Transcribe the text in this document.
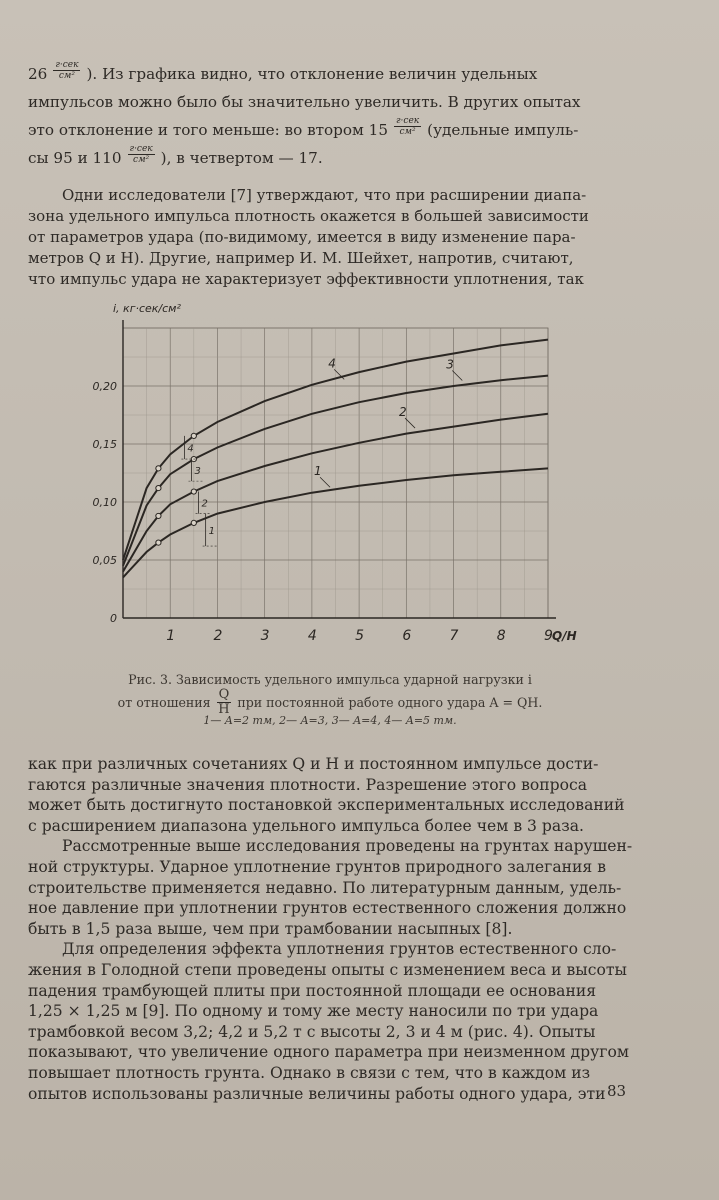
$26 \frac{\text{г·сек}}{\text{см²}}$ ). Из графика видно, что отклонение величин удельных
импульсов можно было бы значительно увеличить. В других опытах
это отклонение и того меньше: во втором $15 \frac{\text{г·сек}}{\text{см²}}$ (удельные импуль-
сы 95 и $110 \frac{\text{г·сек}}{\text{см²}}$ ), в четвертом — 17.
Одни исследователи [7] утверждают, что при расширении диапа-
зона удельного импульса плотность окажется в большей зависимости
от параметров удара (по-видимому, имеется в виду изменение пара-
метров Q и H). Другие, например И. М. Шейхет, напротив, считают,
что импульс удара не характеризует эффективности уплотнения, так
1	2	3	4	5	6	7	8	9
0
0,05
0,10
0,15
0,20
i, кг·сек/см²
Q/H
1
2
3
4
1
2
3
4
Рис. 3. Зависимость удельного импульса ударной нагрузки i
от отношения $\frac{Q}{H}$ при постоянной работе одного удара A = QH.
1— A=2 тм, 2— A=3, 3— A=4, 4— A=5 тм.
как при различных сочетаниях Q и H и постоянном импульсе дости-
гаются различные значения плотности. Разрешение этого вопроса
может быть достигнуто постановкой экспериментальных исследований
с расширением диапазона удельного импульса более чем в 3 раза.
Рассмотренные выше исследования проведены на грунтах нарушен-
ной структуры. Ударное уплотнение грунтов природного залегания в
строительстве применяется недавно. По литературным данным, удель-
ное давление при уплотнении грунтов естественного сложения должно
быть в 1,5 раза выше, чем при трамбовании насыпных [8].
Для определения эффекта уплотнения грунтов естественного сло-
жения в Голодной степи проведены опыты с изменением веса и высоты
падения трамбующей плиты при постоянной площади ее основания
1,25 × 1,25 м [9]. По одному и тому же месту наносили по три удара
трамбовкой весом 3,2; 4,2 и 5,2 т с высоты 2, 3 и 4 м (рис. 4). Опыты
показывают, что увеличение одного параметра при неизменном другом
повышает плотность грунта. Однако в связи с тем, что в каждом из
опытов использованы различные величины работы одного удара, эти 83
